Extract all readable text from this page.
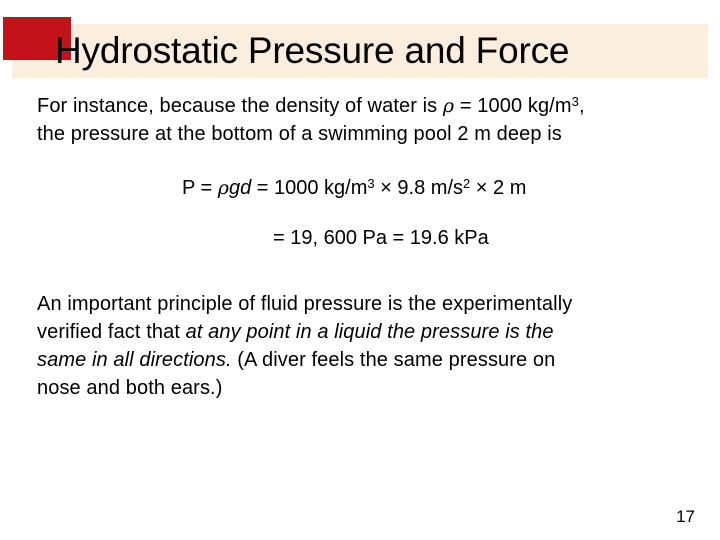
Hydrostatic Pressure and Force
For instance, because the density of water is ρ = 1000 $kg/m^3$,
the pressure at the bottom of a swimming pool 2 m deep is
P = ρgd = 1000 $kg/m^3 \times 9.8$ $m/s^2 \times 2$ m
= 19, 600 Pa = 19.6 kPa
An important principle of fluid pressure is the experimentally
verified fact that at any point in a liquid the pressure is the
same in all directions. (A diver feels the same pressure on
nose and both ears.)
17
